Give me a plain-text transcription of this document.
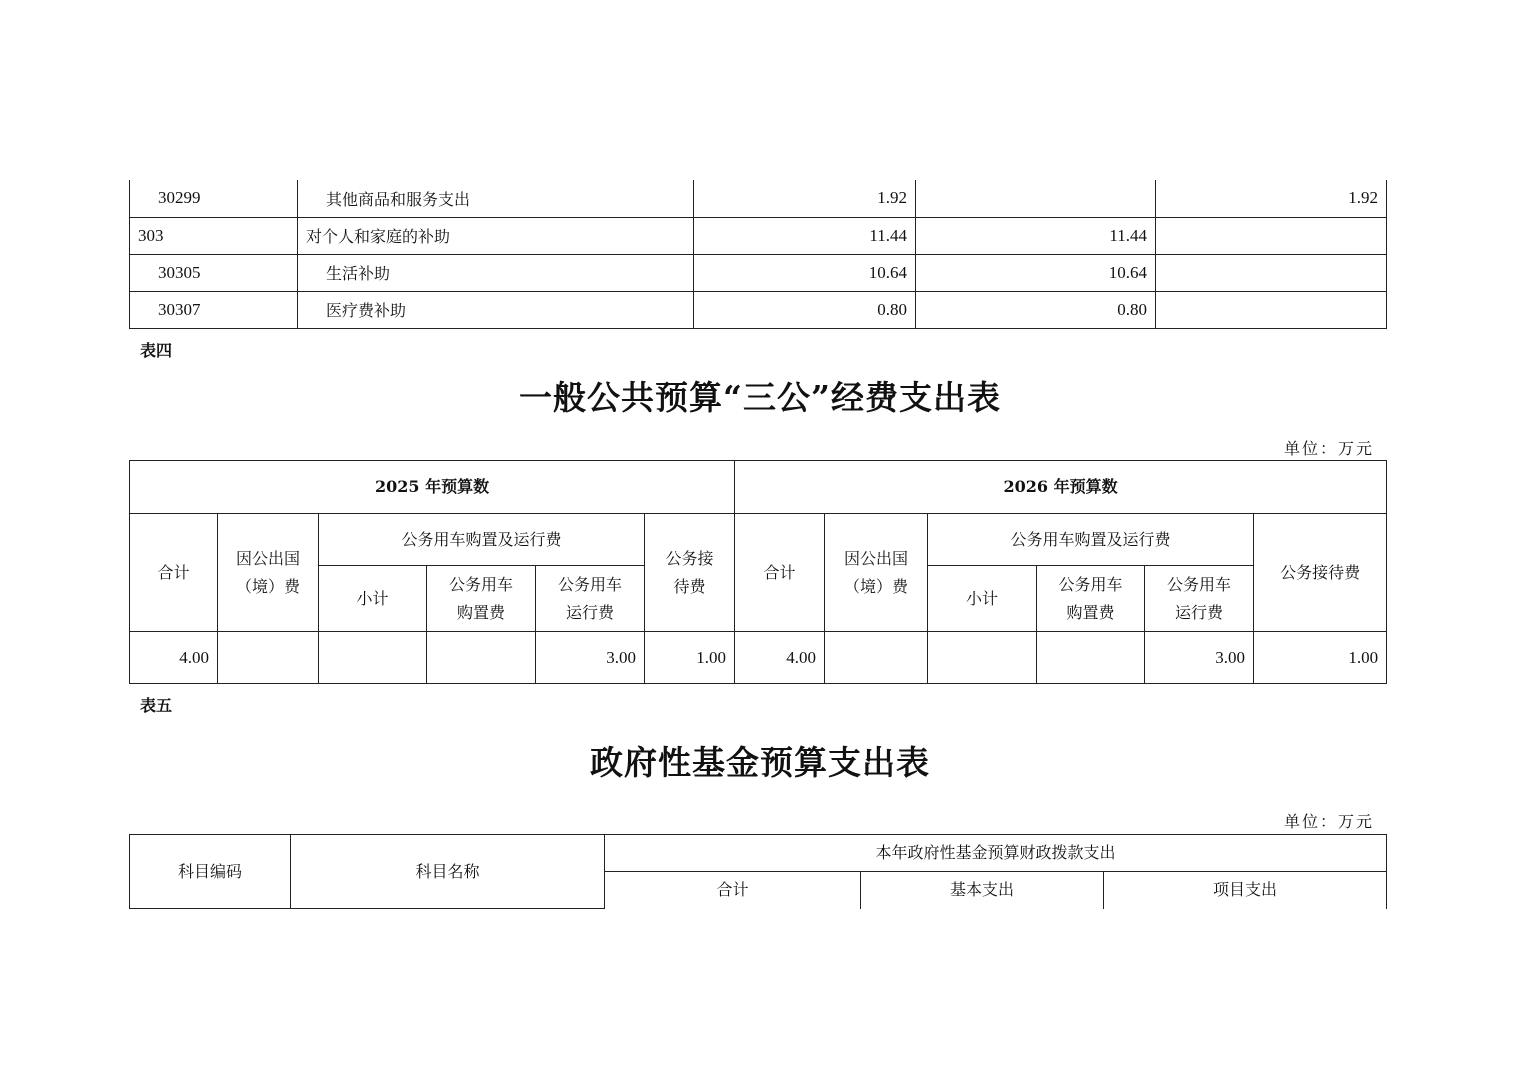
30299	其他商品和服务支出	1.92		1.92
303	对个人和家庭的补助	11.44	11.44	
30305	生活补助	10.64	10.64	
30307	医疗费补助	0.80	0.80	
表四
一般公共预算“三公”经费支出表
单位：万元
2025 年预算数						2026 年预算数					
合计	因公出国（境）费	公务用车购置及运行费			公务接待费	合计	因公出国（境）费	公务用车购置及运行费			公务接待费
		小计	公务用车购置费	公务用车运行费				小计	公务用车购置费	公务用车运行费	
4.00				3.00	1.00	4.00				3.00	1.00
表五
政府性基金预算支出表
单位：万元
科目编码	科目名称	本年政府性基金预算财政拨款支出		
		合计	基本支出	项目支出
